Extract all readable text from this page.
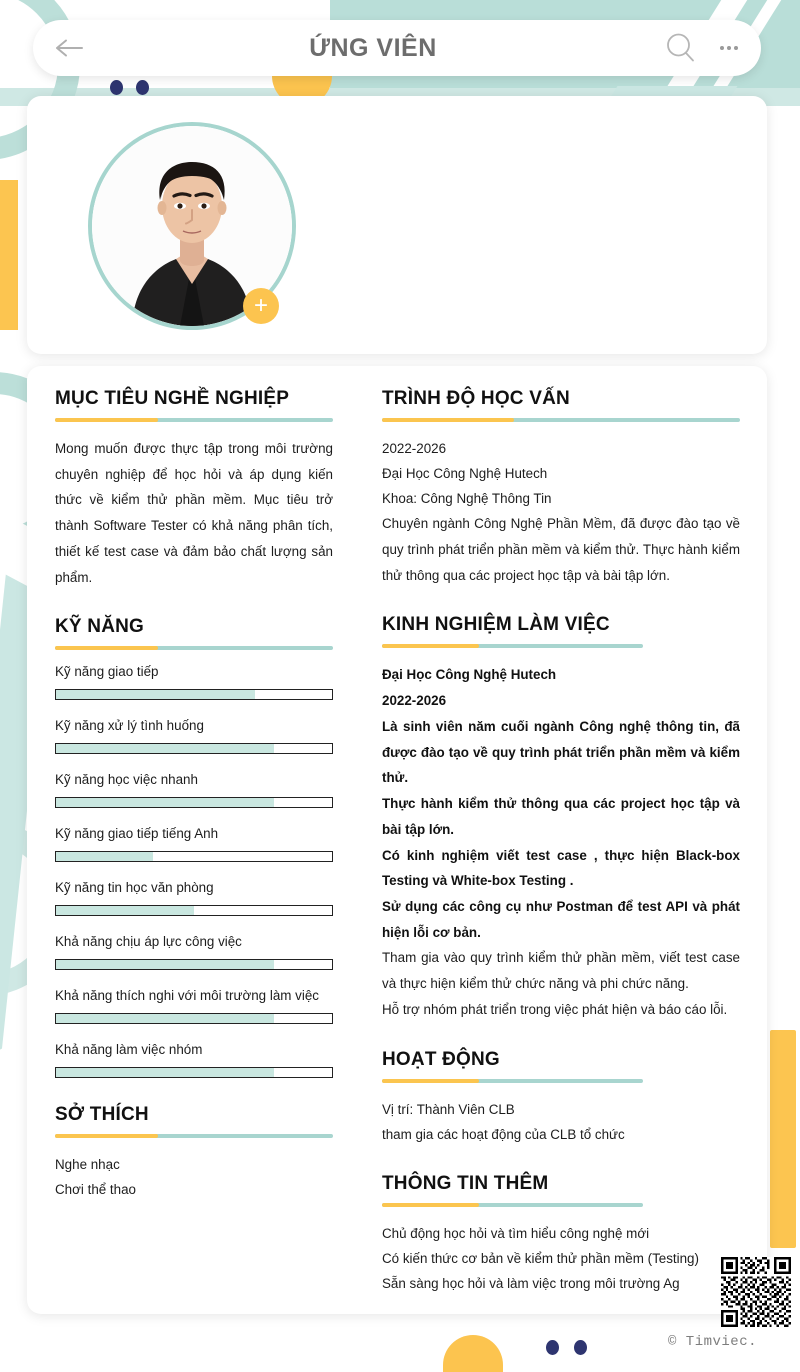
ỨNG VIÊN
+
MỤC TIÊU NGHỀ NGHIỆP
Mong muốn được thực tập trong môi trường chuyên nghiệp để học hỏi và áp dụng kiến thức về kiểm thử phần mềm. Mục tiêu trở thành Software Tester có khả năng phân tích, thiết kế test case và đảm bảo chất lượng sản phẩm.
KỸ NĂNG
Kỹ năng giao tiếp
Kỹ năng xử lý tình huống
Kỹ năng học việc nhanh
Kỹ năng giao tiếp tiếng Anh
Kỹ năng tin học văn phòng
Khả năng chịu áp lực công việc
Khả năng thích nghi với môi trường làm việc
Khả năng làm việc nhóm
SỞ THÍCH
Nghe nhạc
Chơi thể thao
TRÌNH ĐỘ HỌC VẤN
2022-2026
Đại Học Công Nghệ Hutech
Khoa: Công Nghệ Thông Tin
Chuyên ngành Công Nghệ Phần Mềm, đã được đào tạo về quy trình phát triển phần mềm và kiểm thử. Thực hành kiểm thử thông qua các project học tập và bài tập lớn.
KINH NGHIỆM LÀM VIỆC
Đại Học Công Nghệ Hutech
2022-2026
Là sinh viên năm cuối ngành Công nghệ thông tin, đã được đào tạo về quy trình phát triển phần mềm và kiểm thử.
Thực hành kiểm thử thông qua các project học tập và bài tập lớn.
Có kinh nghiệm viết test case , thực hiện Black-box Testing và White-box Testing .
Sử dụng các công cụ như Postman để test API và phát hiện lỗi cơ bản.
Tham gia vào quy trình kiểm thử phần mềm, viết test case và thực hiện kiểm thử chức năng và phi chức năng.
Hỗ trợ nhóm phát triển trong việc phát hiện và báo cáo lỗi.
HOẠT ĐỘNG
Vị trí: Thành Viên CLB
tham gia các hoạt động của CLB tổ chức
THÔNG TIN THÊM
Chủ động học hỏi và tìm hiểu công nghệ mới
Có kiến thức cơ bản về kiểm thử phần mềm (Testing)
Sẵn sàng học hỏi và làm việc trong môi trường Ag
© Timviec.
